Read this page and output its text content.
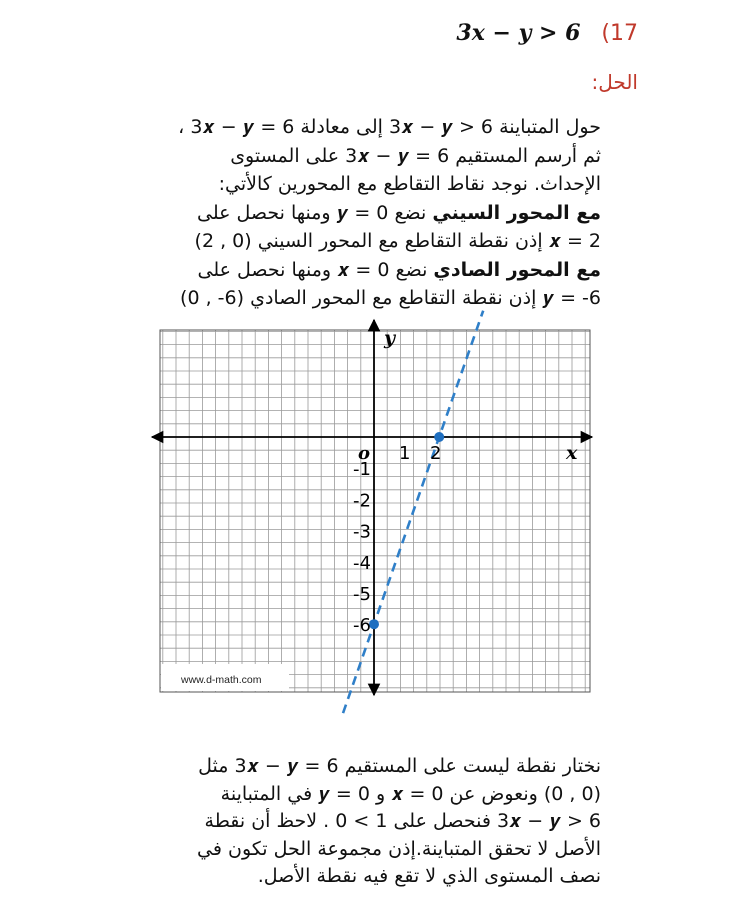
3𝒙 − 𝒚 > 6 (17
الحل:

حول المتباينة 3𝒙 − 𝒚 > 6 إلى معادلة 3𝒙 − 𝒚 = 6 ،

ثم أرسم المستقيم 3𝒙 − 𝒚 = 6 على المستوى

الإحداث. نوجد نقاط التقاطع مع المحورين كالأتي:

مع المحور السيني نضع 𝒚 = 0 ومنها نحصل على

𝒙 = 2 إذن نقطة التقاطع مع المحور السيني (0 , 2)

مع المحور الصادي نضع 𝒙 = 0 ومنها نحصل على

𝒚 = -6 إذن نقطة التقاطع مع المحور الصادي (6- , 0)

www.d-math.com
x
y
o 1 2
-1
-2
-3
-4
-5
-6

نختار نقطة ليست على المستقيم 3𝒙 − 𝒚 = 6 مثل

(0 , 0) ونعوض عن 𝒙 = 0 و 𝒚 = 0 في المتباينة

3𝒙 − 𝒚 > 6 فنحصل على 1 > 0 . لاحظ أن نقطة

الأصل لا تحقق المتباينة.إذن مجموعة الحل تكون في

نصف المستوى الذي لا تقع فيه نقطة الأصل.
